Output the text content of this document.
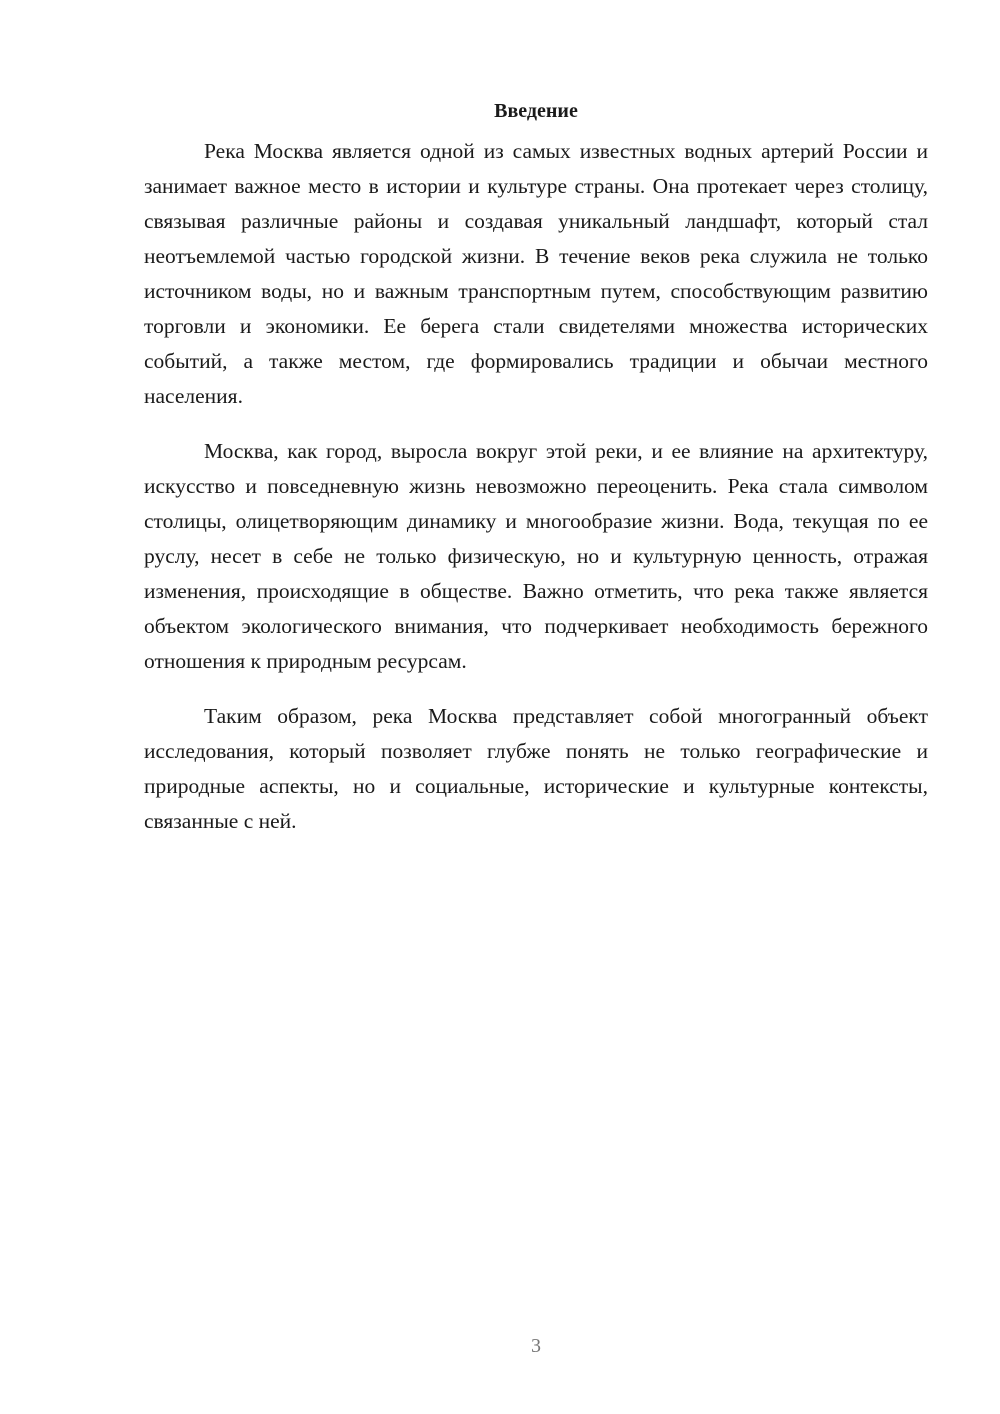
Введение

Река Москва является одной из самых известных водных артерий России и занимает важное место в истории и культуре страны. Она протекает через столицу, связывая различные районы и создавая уникальный ландшафт, который стал неотъемлемой частью городской жизни. В течение веков река служила не только источником воды, но и важным транспортным путем, способствующим развитию торговли и экономики. Ее берега стали свидетелями множества исторических событий, а также местом, где формировались традиции и обычаи местного населения.

Москва, как город, выросла вокруг этой реки, и ее влияние на архитектуру, искусство и повседневную жизнь невозможно переоценить. Река стала символом столицы, олицетворяющим динамику и многообразие жизни. Вода, текущая по ее руслу, несет в себе не только физическую, но и культурную ценность, отражая изменения, происходящие в обществе. Важно отметить, что река также является объектом экологического внимания, что подчеркивает необходимость бережного отношения к природным ресурсам.

Таким образом, река Москва представляет собой многогранный объект исследования, который позволяет глубже понять не только географические и природные аспекты, но и социальные, исторические и культурные контексты, связанные с ней.

3
